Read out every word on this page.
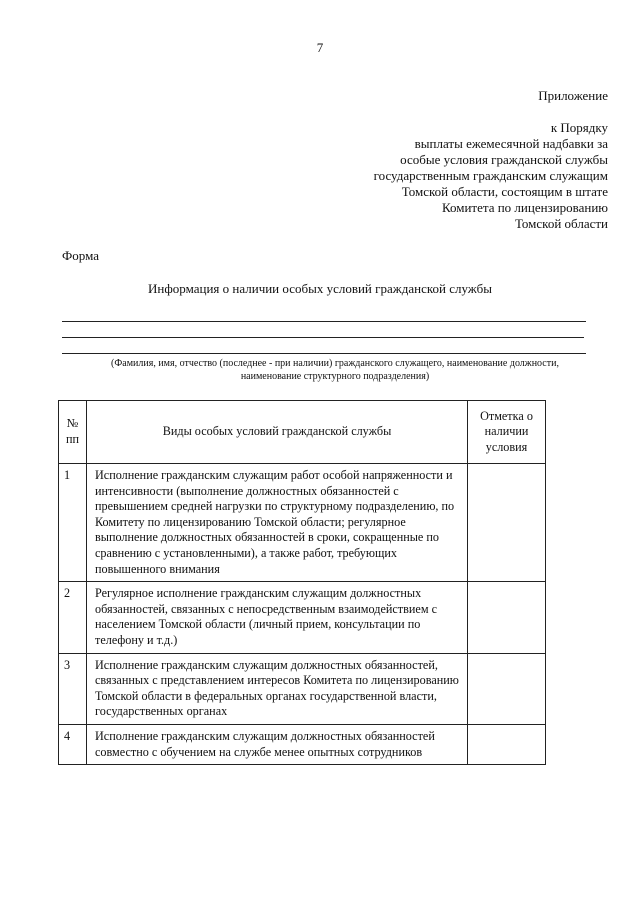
7
Приложение
к Порядку
выплаты ежемесячной надбавки за
особые условия гражданской службы
государственным гражданским служащим
Томской области, состоящим в штате
Комитета по лицензированию
Томской области
Форма
Информация о наличии особых условий гражданской службы
(Фамилия, имя, отчество (последнее - при наличии) гражданского служащего, наименование должности,
наименование структурного подразделения)
№ пп	Виды особых условий гражданской службы	Отметка о наличии условия
1	Исполнение гражданским служащим работ особой напряженности и интенсивности (выполнение должностных обязанностей с превышением средней нагрузки по структурному подразделению, по Комитету по лицензированию Томской области; регулярное выполнение должностных обязанностей в сроки, сокращенные по сравнению с установленными), а также работ, требующих повышенного внимания	
2	Регулярное исполнение гражданским служащим должностных обязанностей, связанных с непосредственным взаимодействием с населением Томской области (личный прием, консультации по телефону и т.д.)	
3	Исполнение гражданским служащим должностных обязанностей, связанных с представлением интересов Комитета по лицензированию Томской области в федеральных органах государственной власти, государственных органах	
4	Исполнение гражданским служащим должностных обязанностей совместно с обучением на службе менее опытных сотрудников	
